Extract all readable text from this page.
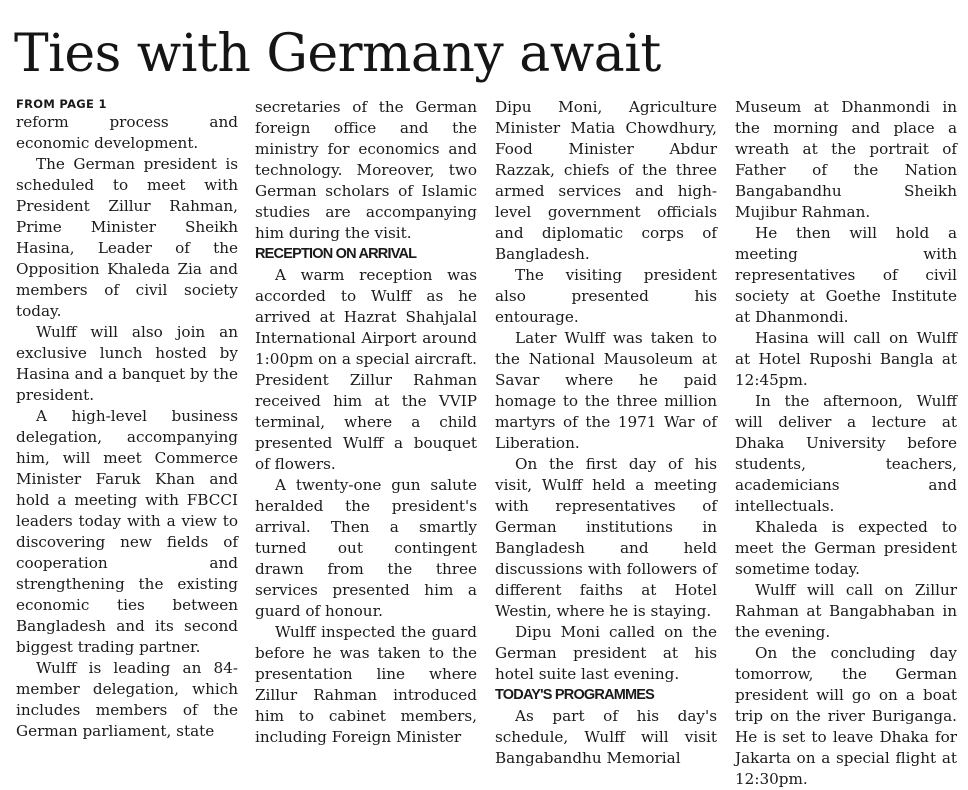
Ties with Germany await
FROM PAGE 1

reform process and economic development.

The German president is scheduled to meet with President Zillur Rahman, Prime Minister Sheikh Hasina, Leader of the Opposition Khaleda Zia and members of civil society today.

Wulff will also join an exclusive lunch hosted by Hasina and a banquet by the president.

A high-level business delegation, accompanying him, will meet Commerce Minister Faruk Khan and hold a meeting with FBCCI leaders today with a view to discovering new fields of cooperation and strengthening the existing economic ties between Bangladesh and its second biggest trading partner.

Wulff is leading an 84-member delegation, which includes members of the German parliament, state

secretaries of the German foreign office and the ministry for economics and technology. Moreover, two German scholars of Islamic studies are accompanying him during the visit.

RECEPTION ON ARRIVAL

A warm reception was accorded to Wulff as he arrived at Hazrat Shahjalal International Airport around 1:00pm on a special aircraft. President Zillur Rahman received him at the VVIP terminal, where a child presented Wulff a bouquet of flowers.

A twenty-one gun salute heralded the president's arrival. Then a smartly turned out contingent drawn from the three services presented him a guard of honour.

Wulff inspected the guard before he was taken to the presentation line where Zillur Rahman introduced him to cabinet members, including Foreign Minister

Dipu Moni, Agriculture Minister Matia Chowdhury, Food Minister Abdur Razzak, chiefs of the three armed services and high-level government officials and diplomatic corps of Bangladesh.

The visiting president also presented his entourage.

Later Wulff was taken to the National Mausoleum at Savar where he paid homage to the three million martyrs of the 1971 War of Liberation.

On the first day of his visit, Wulff held a meeting with representatives of German institutions in Bangladesh and held discussions with followers of different faiths at Hotel Westin, where he is staying.

Dipu Moni called on the German president at his hotel suite last evening.

TODAY'S PROGRAMMES

As part of his day's schedule, Wulff will visit Bangabandhu Memorial

Museum at Dhanmondi in the morning and place a wreath at the portrait of Father of the Nation Bangabandhu Sheikh Mujibur Rahman.

He then will hold a meeting with representatives of civil society at Goethe Institute at Dhanmondi.

Hasina will call on Wulff at Hotel Ruposhi Bangla at 12:45pm.

In the afternoon, Wulff will deliver a lecture at Dhaka University before students, teachers, academicians and intellectuals.

Khaleda is expected to meet the German president sometime today.

Wulff will call on Zillur Rahman at Bangabhaban in the evening.

On the concluding day tomorrow, the German president will go on a boat trip on the river Buriganga. He is set to leave Dhaka for Jakarta on a special flight at 12:30pm.
